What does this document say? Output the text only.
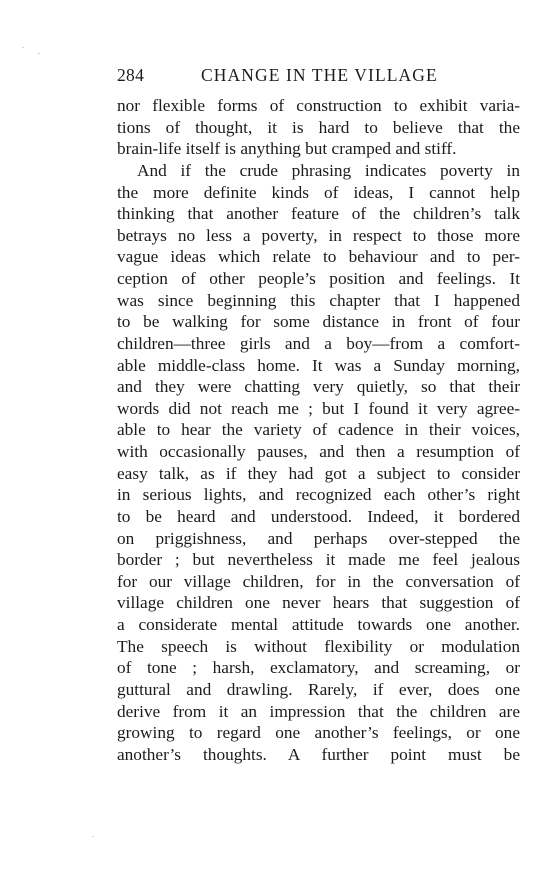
284	CHANGE IN THE VILLAGE
nor flexible forms of construction to exhibit varia-
tions of thought, it is hard to believe that the
brain-life itself is anything but cramped and stiff.
And if the crude phrasing indicates poverty in
the more definite kinds of ideas, I cannot help
thinking that another feature of the children’s talk
betrays no less a poverty, in respect to those more
vague ideas which relate to behaviour and to per-
ception of other people’s position and feelings. It
was since beginning this chapter that I happened
to be walking for some distance in front of four
children—three girls and a boy—from a comfort-
able middle-class home. It was a Sunday morning,
and they were chatting very quietly, so that their
words did not reach me ; but I found it very agree-
able to hear the variety of cadence in their voices,
with occasionally pauses, and then a resumption of
easy talk, as if they had got a subject to consider
in serious lights, and recognized each other’s right
to be heard and understood. Indeed, it bordered
on priggishness, and perhaps over-stepped the
border ; but nevertheless it made me feel jealous
for our village children, for in the conversation of
village children one never hears that suggestion of
a considerate mental attitude towards one another.
The speech is without flexibility or modulation
of tone ; harsh, exclamatory, and screaming, or
guttural and drawling. Rarely, if ever, does one
derive from it an impression that the children are
growing to regard one another’s feelings, or one
another’s thoughts. A further point must be
